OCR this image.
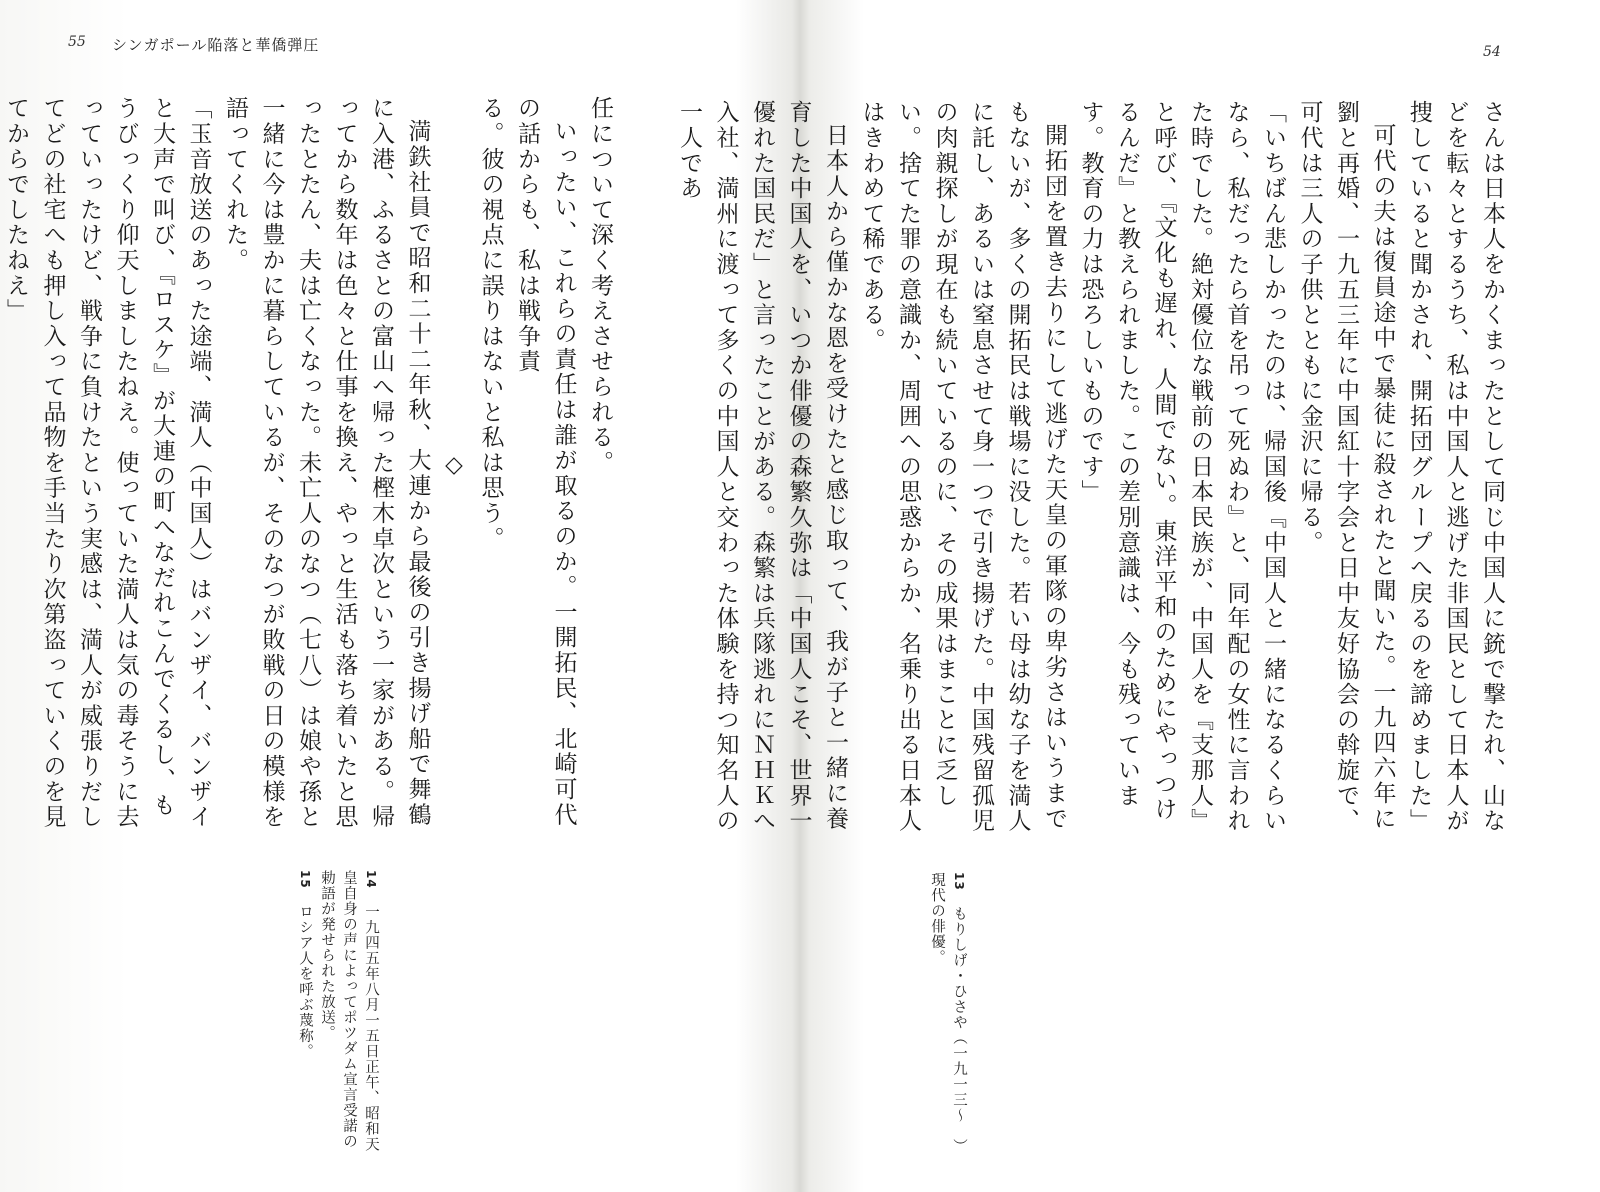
55 シンガポール陥落と華僑弾圧

任について深く考えさせられる。

いったい、これらの責任は誰が取るのか。一開拓民、北崎可代の話からも、私は戦争責

る。彼の視点に誤りはないと私は思う。

◇

満鉄社員で昭和二十二年秋、大連から最後の引き揚げ船で舞鶴に入港、ふるさとの富山へ帰った樫木卓次という一家がある。帰ってから数年は色々と仕事を換え、やっと生活も落ち着いたと思ったとたん、夫は亡くなった。未亡人のなつ（七八）は娘や孫と一緒に今は豊かに暮らしているが、そのなつが敗戦の日の模様を語ってくれた。

「玉音放送のあった途端、満人（中国人）はバンザイ、バンザイと大声で叫び、『ロスケ』が大連の町へなだれこんでくるし、もうびっくり仰天しましたねえ。使っていた満人は気の毒そうに去っていったけど、戦争に負けたという実感は、満人が威張りだしてどの社宅へも押し入って品物を手当たり次第盗っていくのを見てからでしたねえ」

14　一九四五年八月一五日正午、昭和天皇自身の声によってポツダム宣言受諾の勅語が発せられた放送。

15　ロシア人を呼ぶ蔑称。

54

さんは日本人をかくまったとして同じ中国人に銃で撃たれ、山などを転々とするうち、私は中国人と逃げた非国民として日本人が捜していると聞かされ、開拓団グループへ戻るのを諦めました」

可代の夫は復員途中で暴徒に殺されたと聞いた。一九四六年に劉と再婚、一九五三年に中国紅十字会と日中友好協会の斡旋で、可代は三人の子供とともに金沢に帰る。

「いちばん悲しかったのは、帰国後『中国人と一緒になるくらいなら、私だったら首を吊って死ぬわ』と、同年配の女性に言われた時でした。絶対優位な戦前の日本民族が、中国人を『支那人』と呼び、『文化も遅れ、人間でない。東洋平和のためにやっつけるんだ』と教えられました。この差別意識は、今も残っています。教育の力は恐ろしいものです」

開拓団を置き去りにして逃げた天皇の軍隊の卑劣さはいうまでもないが、多くの開拓民は戦場に没した。若い母は幼な子を満人に託し、あるいは窒息させて身一つで引き揚げた。中国残留孤児の肉親探しが現在も続いているのに、その成果はまことに乏しい。捨てた罪の意識か、周囲への思惑からか、名乗り出る日本人はきわめて稀である。

日本人から僅かな恩を受けたと感じ取って、我が子と一緒に養育した中国人を、いつか俳優の森繁久弥は「中国人こそ、世界一優れた国民だ」と言ったことがある。森繁は兵隊逃れにＮＨＫへ入社、満州に渡って多くの中国人と交わった体験を持つ知名人の一人であ

13　もりしげ・ひさや（一九一三〜　）現代の俳優。
